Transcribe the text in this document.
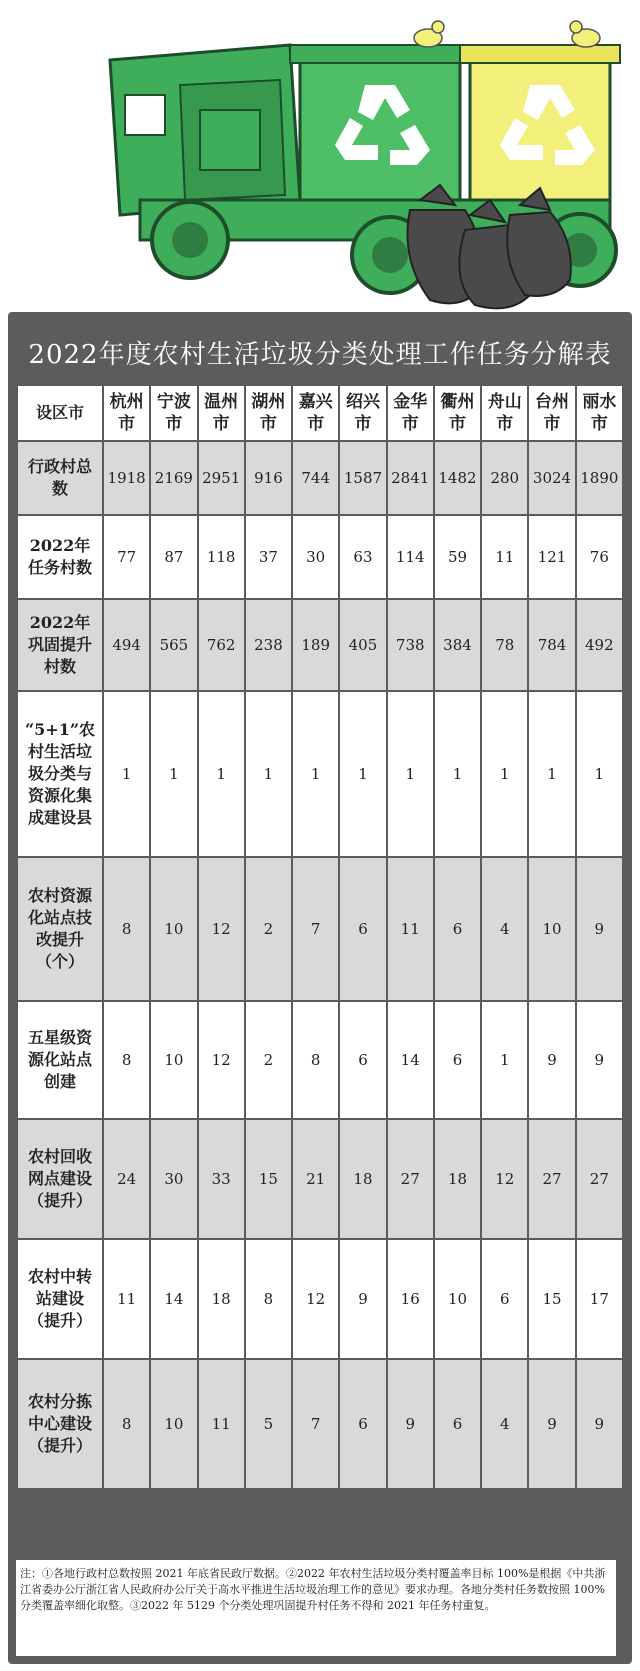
2022年度农村生活垃圾分类处理工作任务分解表
设区市	杭州市	宁波市	温州市	湖州市	嘉兴市	绍兴市	金华市	衢州市	舟山市	台州市	丽水市
行政村总数	1918	2169	2951	916	744	1587	2841	1482	280	3024	1890
2022年任务村数	77	87	118	37	30	63	114	59	11	121	76
2022年巩固提升村数	494	565	762	238	189	405	738	384	78	784	492
“5+1”农村生活垃圾分类与资源化集成建设县	1	1	1	1	1	1	1	1	1	1	1
农村资源化站点技改提升（个）	8	10	12	2	7	6	11	6	4	10	9
五星级资源化站点创建	8	10	12	2	8	6	14	6	1	9	9
农村回收网点建设（提升）	24	30	33	15	21	18	27	18	12	27	27
农村中转站建设（提升）	11	14	18	8	12	9	16	10	6	15	17
农村分拣中心建设（提升）	8	10	11	5	7	6	9	6	4	9	9
注：①各地行政村总数按照 2021 年底省民政厅数据。②2022 年农村生活垃圾分类村覆盖率目标 100%是根据《中共浙江省委办公厅浙江省人民政府办公厅关于高水平推进生活垃圾治理工作的意见》要求办理。各地分类村任务数按照 100%分类覆盖率细化取整。③2022 年 5129 个分类处理巩固提升村任务不得和 2021 年任务村重复。
